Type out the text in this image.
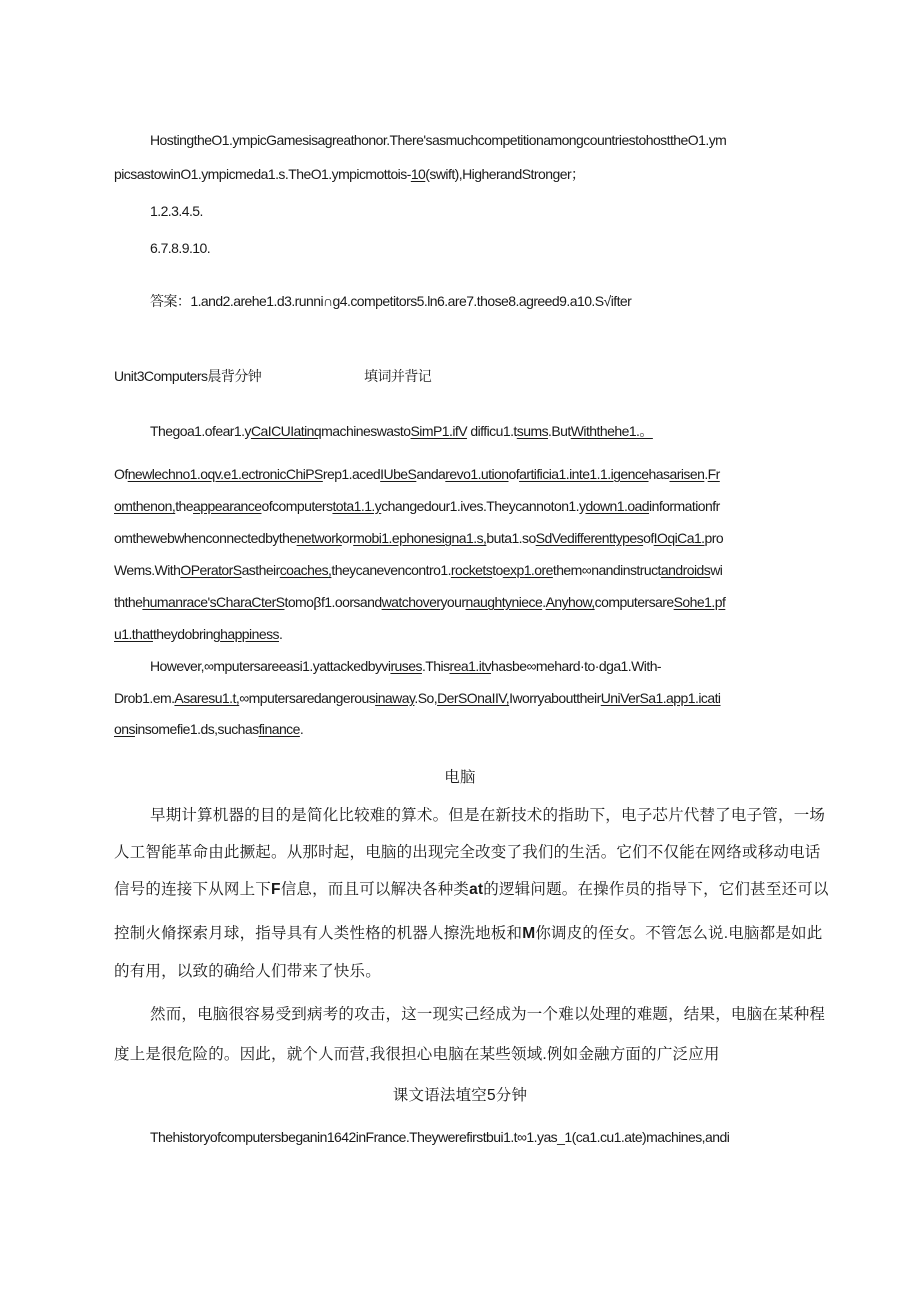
HostingtheO1.ympicGamesisagreathonor.There'sasmuchcompetitionamongcountriestohosttheO1.ym
picsastowinO1.ympicmeda1.s.TheO1.ympicmottois-10(swift),HigherandStronger；
1.2.3.4.5.
6.7.8.9.10.
答案：1.and2.arehe1.d3.runni∩g4.competitors5.ln6.are7.those8.agreed9.a10.S√ifter
Unit3Computers晨背分钟	填词并背记
Thegoa1.ofear1.yCaICUIatinqmachineswastoSimP1.ifV difficu1.tsums.ButWiththehe1.。
Ofnewlechno1.oqv.e1.ectronicChiPSrep1.acedIUbeSandarevo1.utionofartificia1.inte1.1.igencehasarisen.Fr
omthenon,theappearanceofcomputerstota1.1.ychangedour1.ives.Theycannoton1.ydown1.oadinformationfr
omthewebwhenconnectedbythenetworkormobi1.ephonesigna1.s,buta1.soSdVedifferenttypesofIOqiCa1.pro
Wems.WithOPeratorSastheircoaches,theycanevencontro1.rocketstoexp1.orethem∞nandinstructandroidswi
ththehumanrace'sCharaCterStomoβf1.oorsandwatchoveryournaughtyniece.Anyhow,computersareSohe1.pf
u1.thattheydobringhappiness.
However,∞mputersareeasi1.yattackedbyviruses.Thisrea1.itvhasbe∞mehard·to·dga1.With-
Drob1.em.Asaresu1.t,∞mputersaredangerousinaway.So,DerSOnaIIV,IworryabouttheirUniVerSa1.app1.icati
onsinsomefie1.ds,suchasfinance.
电脑
早期计算机器的目的是简化比较难的算术。但是在新技术的指助下，电子芯片代替了电子管，一场
人工智能革命由此撅起。从那时起，电脑的出现完全改变了我们的生活。它们不仅能在网络或移动电话
信号的连接下从网上下F信息，而且可以解决各种类at的逻辑问题。在操作员的指导下，它们甚至还可以
控制火脩探索月球，指导具有人类性格的机器人擦洗地板和M你调皮的侄女。不管怎么说.电脑都是如此
的有用，以致的确给人们带来了快乐。
然而，电脑很容易受到病考的攻击，这一现实己经成为一个难以处理的难题，结果，电脑在某种程
度上是很危险的。因此，就个人而营,我很担心电脑在某些领域.例如金融方面的广泛应用
课文语法埴空5分钟
Thehistoryofcomputersbeganin1642inFrance.Theywerefirstbui1.t∞1.yas_1(ca1.cu1.ate)machines,andi
